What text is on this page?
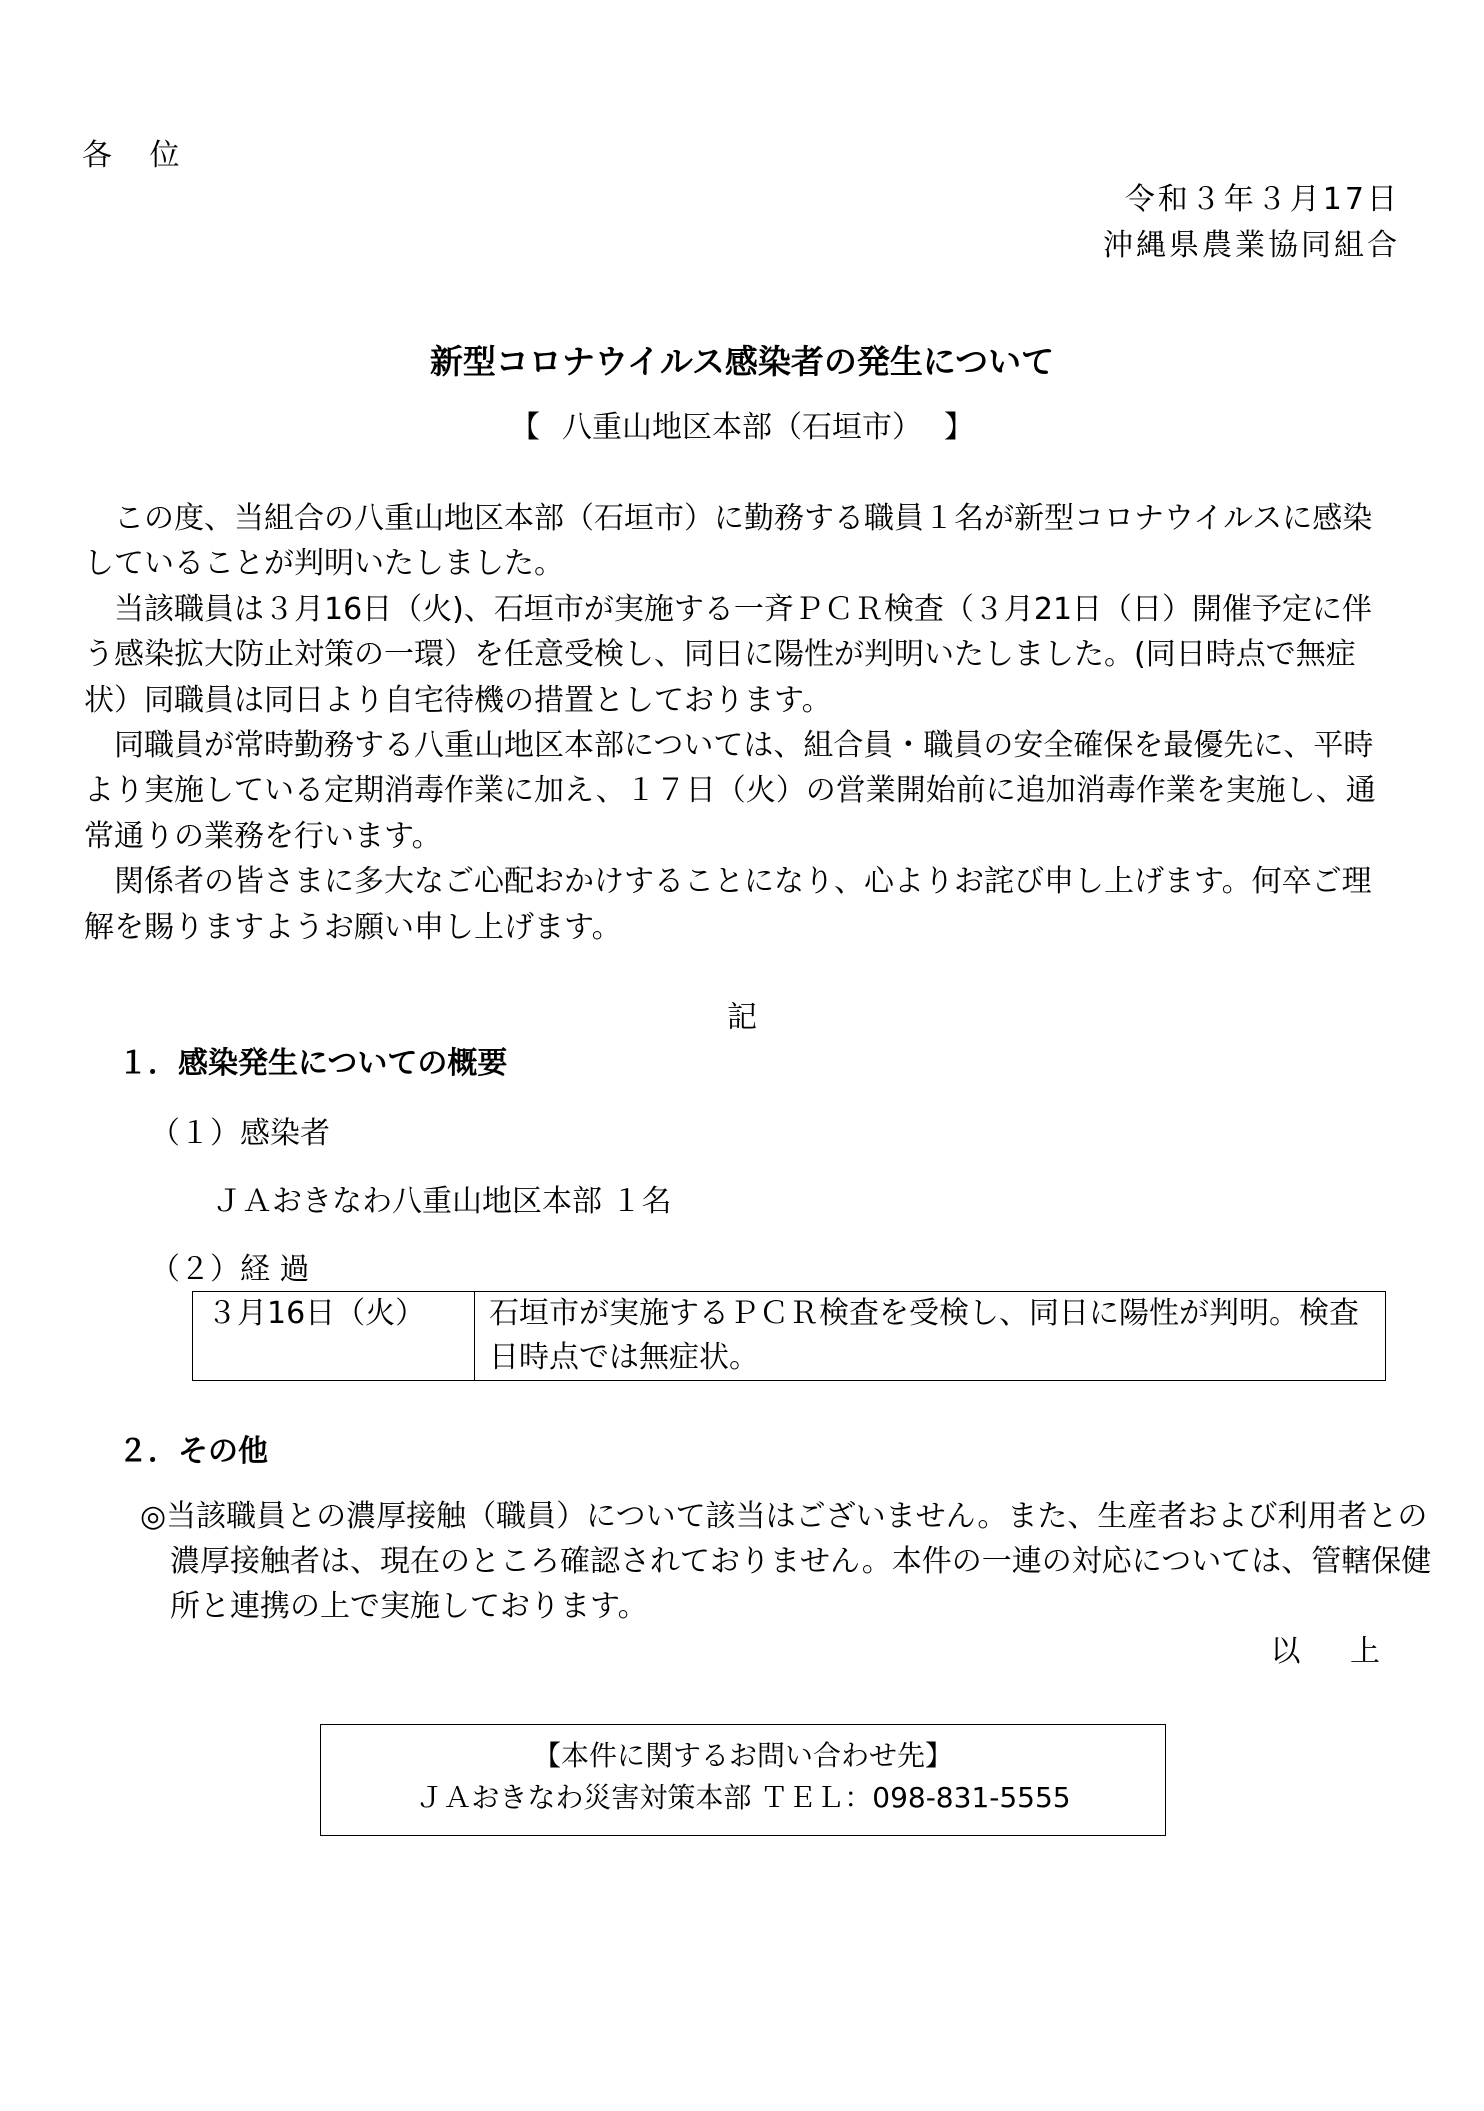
各 位
令和３年３月17日
沖縄県農業協同組合
新型コロナウイルス感染者の発生について
【 八重山地区本部（石垣市） 】

この度、当組合の八重山地区本部（石垣市）に勤務する職員１名が新型コロナウイルスに感染していることが判明いたしました。

当該職員は３月16日（火)、石垣市が実施する一斉ＰＣＲ検査（３月21日（日）開催予定に伴う感染拡大防止対策の一環）を任意受検し、同日に陽性が判明いたしました。(同日時点で無症状）同職員は同日より自宅待機の措置としております。

同職員が常時勤務する八重山地区本部については、組合員・職員の安全確保を最優先に、平時より実施している定期消毒作業に加え、１７日（火）の営業開始前に追加消毒作業を実施し、通常通りの業務を行います。

関係者の皆さまに多大なご心配おかけすることになり、心よりお詫び申し上げます。何卒ご理解を賜りますようお願い申し上げます。

記
１．感染発生についての概要
（１）感染者
ＪＡおきなわ八重山地区本部 １名
（２）経 過
３月16日（火）	石垣市が実施するＰＣＲ検査を受検し、同日に陽性が判明。検査日時点では無症状。
２．その他

◎当該職員との濃厚接触（職員）について該当はございません。また、生産者および利用者との濃厚接触者は、現在のところ確認されておりません。本件の一連の対応については、管轄保健所と連携の上で実施しております。

以 上
【本件に関するお問い合わせ先】
ＪＡおきなわ災害対策本部 ＴＥＬ：098-831-5555
